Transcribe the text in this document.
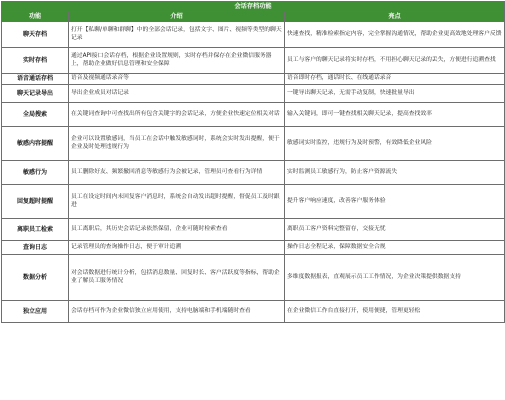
会话存档功能		
功能	介绍	亮点
聊天存档	打开【私聊/单聊和群聊】中的全部会话记录，包括文字、图片、视频等类型的聊天记录	快速查找，精准检索指定内容，完全掌握沟通情况，帮助企业更高效地处理客户反馈
实时存档	通过API接口会话存档，根据企业设置规则，实时存档并保存在企业微信服务器上，帮助企业做好信息管理和安全保障	员工与客户的聊天记录将实时存档，不用担心聊天记录的丢失，方便进行追溯查找
语音通话存档	语音及视频通话录音等	语音即时存档，通话时长、在线通话录音
聊天记录导出	导出企业成员对话记录	一键导出聊天记录，无需手动复制，快速批量导出
全局搜索	在关键词查询中可查找出所有包含关键字的会话记录，方便企业快速定位相关对话	输入关键词，即可一键查找相关聊天记录，提高查找效率
敏感内容提醒	企业可以设置敏感词，当员工在会话中触发敏感词时，系统会实时发出提醒，便于企业及时处理违规行为	敏感词实时监控，违规行为及时预警，有效降低企业风险
敏感行为	员工删除好友、频繁撤回消息等敏感行为会被记录，管理员可查看行为详情	实时监测员工敏感行为，防止客户资源流失
回复超时提醒	员工在设定时间内未回复客户消息时，系统会自动发出超时提醒，督促员工及时跟进	提升客户响应速度，改善客户服务体验
离职员工检索	员工离职后，其历史会话记录依然保留，企业可随时检索查看	离职员工客户资料完整留存，交接无忧
查询日志	记录管理员的查询操作日志，便于审计追溯	操作日志全程记录，保障数据安全合规
数据分析	对会话数据进行统计分析，包括消息数量、回复时长、客户活跃度等指标，帮助企业了解员工服务情况	多维度数据报表，直观展示员工工作情况，为企业决策提供数据支持
独立应用	会话存档可作为企业微信独立应用使用，支持电脑端和手机端随时查看	在企业微信工作台直接打开，使用便捷，管理更轻松
